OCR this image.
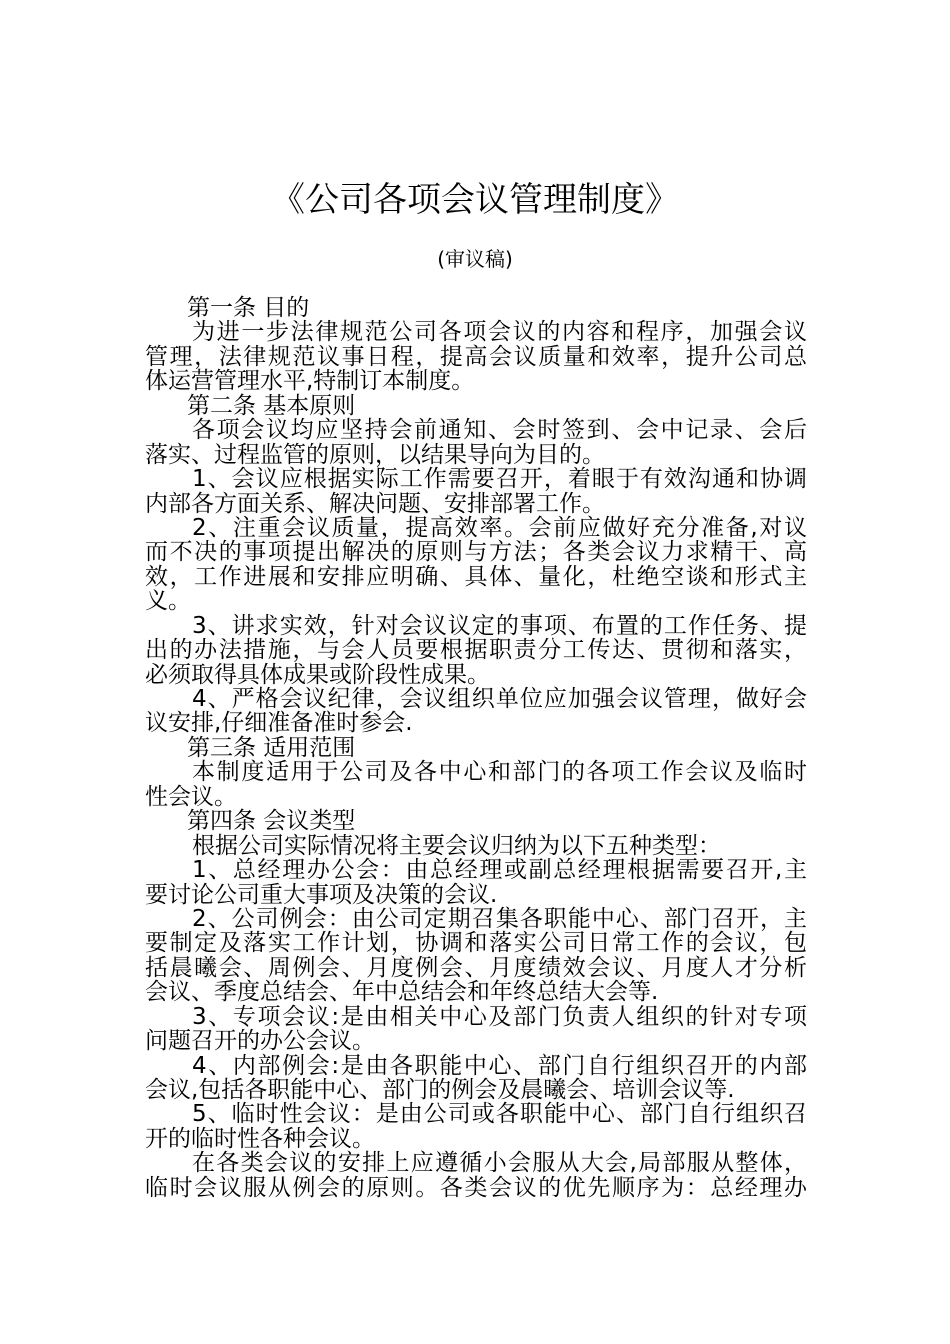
《公司各项会议管理制度》
(审议稿)
第一条 目的
为进一步法律规范公司各项会议的内容和程序，加强会议
管理，法律规范议事日程，提高会议质量和效率，提升公司总
体运营管理水平,特制订本制度。
第二条 基本原则
各项会议均应坚持会前通知、会时签到、会中记录、会后
落实、过程监管的原则，以结果导向为目的。
1、会议应根据实际工作需要召开，着眼于有效沟通和协调
内部各方面关系、解决问题、安排部署工作。
2、注重会议质量，提高效率。会前应做好充分准备,对议
而不决的事项提出解决的原则与方法；各类会议力求精干、高
效，工作进展和安排应明确、具体、量化，杜绝空谈和形式主
义。
3、讲求实效，针对会议议定的事项、布置的工作任务、提
出的办法措施，与会人员要根据职责分工传达、贯彻和落实，
必须取得具体成果或阶段性成果。
4、严格会议纪律，会议组织单位应加强会议管理，做好会
议安排,仔细准备准时参会.
第三条 适用范围
本制度适用于公司及各中心和部门的各项工作会议及临时
性会议。
第四条 会议类型
根据公司实际情况将主要会议归纳为以下五种类型：
1、总经理办公会：由总经理或副总经理根据需要召开,主
要讨论公司重大事项及决策的会议.
2、公司例会：由公司定期召集各职能中心、部门召开，主
要制定及落实工作计划，协调和落实公司日常工作的会议，包
括晨曦会、周例会、月度例会、月度绩效会议、月度人才分析
会议、季度总结会、年中总结会和年终总结大会等.
3、专项会议:是由相关中心及部门负责人组织的针对专项
问题召开的办公会议。
4、内部例会:是由各职能中心、部门自行组织召开的内部
会议,包括各职能中心、部门的例会及晨曦会、培训会议等.
5、临时性会议：是由公司或各职能中心、部门自行组织召
开的临时性各种会议。
在各类会议的安排上应遵循小会服从大会,局部服从整体，
临时会议服从例会的原则。各类会议的优先顺序为：总经理办
